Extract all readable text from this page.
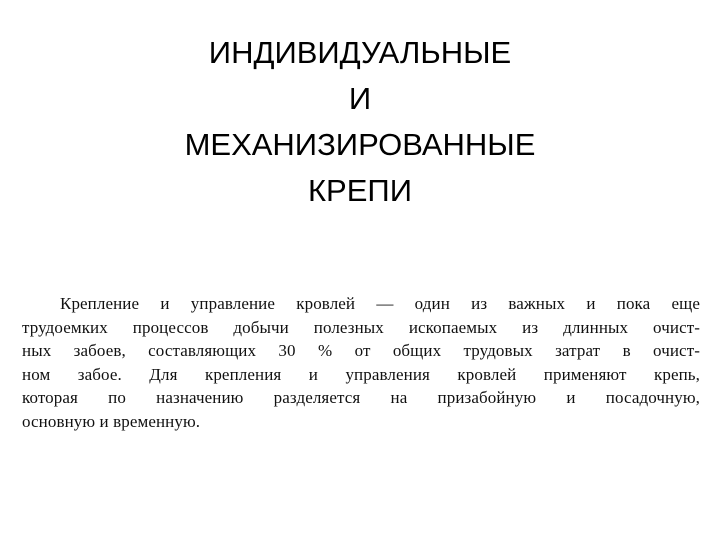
ИНДИВИДУАЛЬНЫЕ
И
МЕХАНИЗИРОВАННЫЕ
КРЕПИ
Крепление и управление кровлей — один из важных и пока еще
трудоемких процессов добычи полезных ископаемых из длинных очист-
ных забоев, составляющих 30 % от общих трудовых затрат в очист-
ном забое. Для крепления и управления кровлей применяют крепь,
которая по назначению разделяется на призабойную и посадочную,
основную и временную.
